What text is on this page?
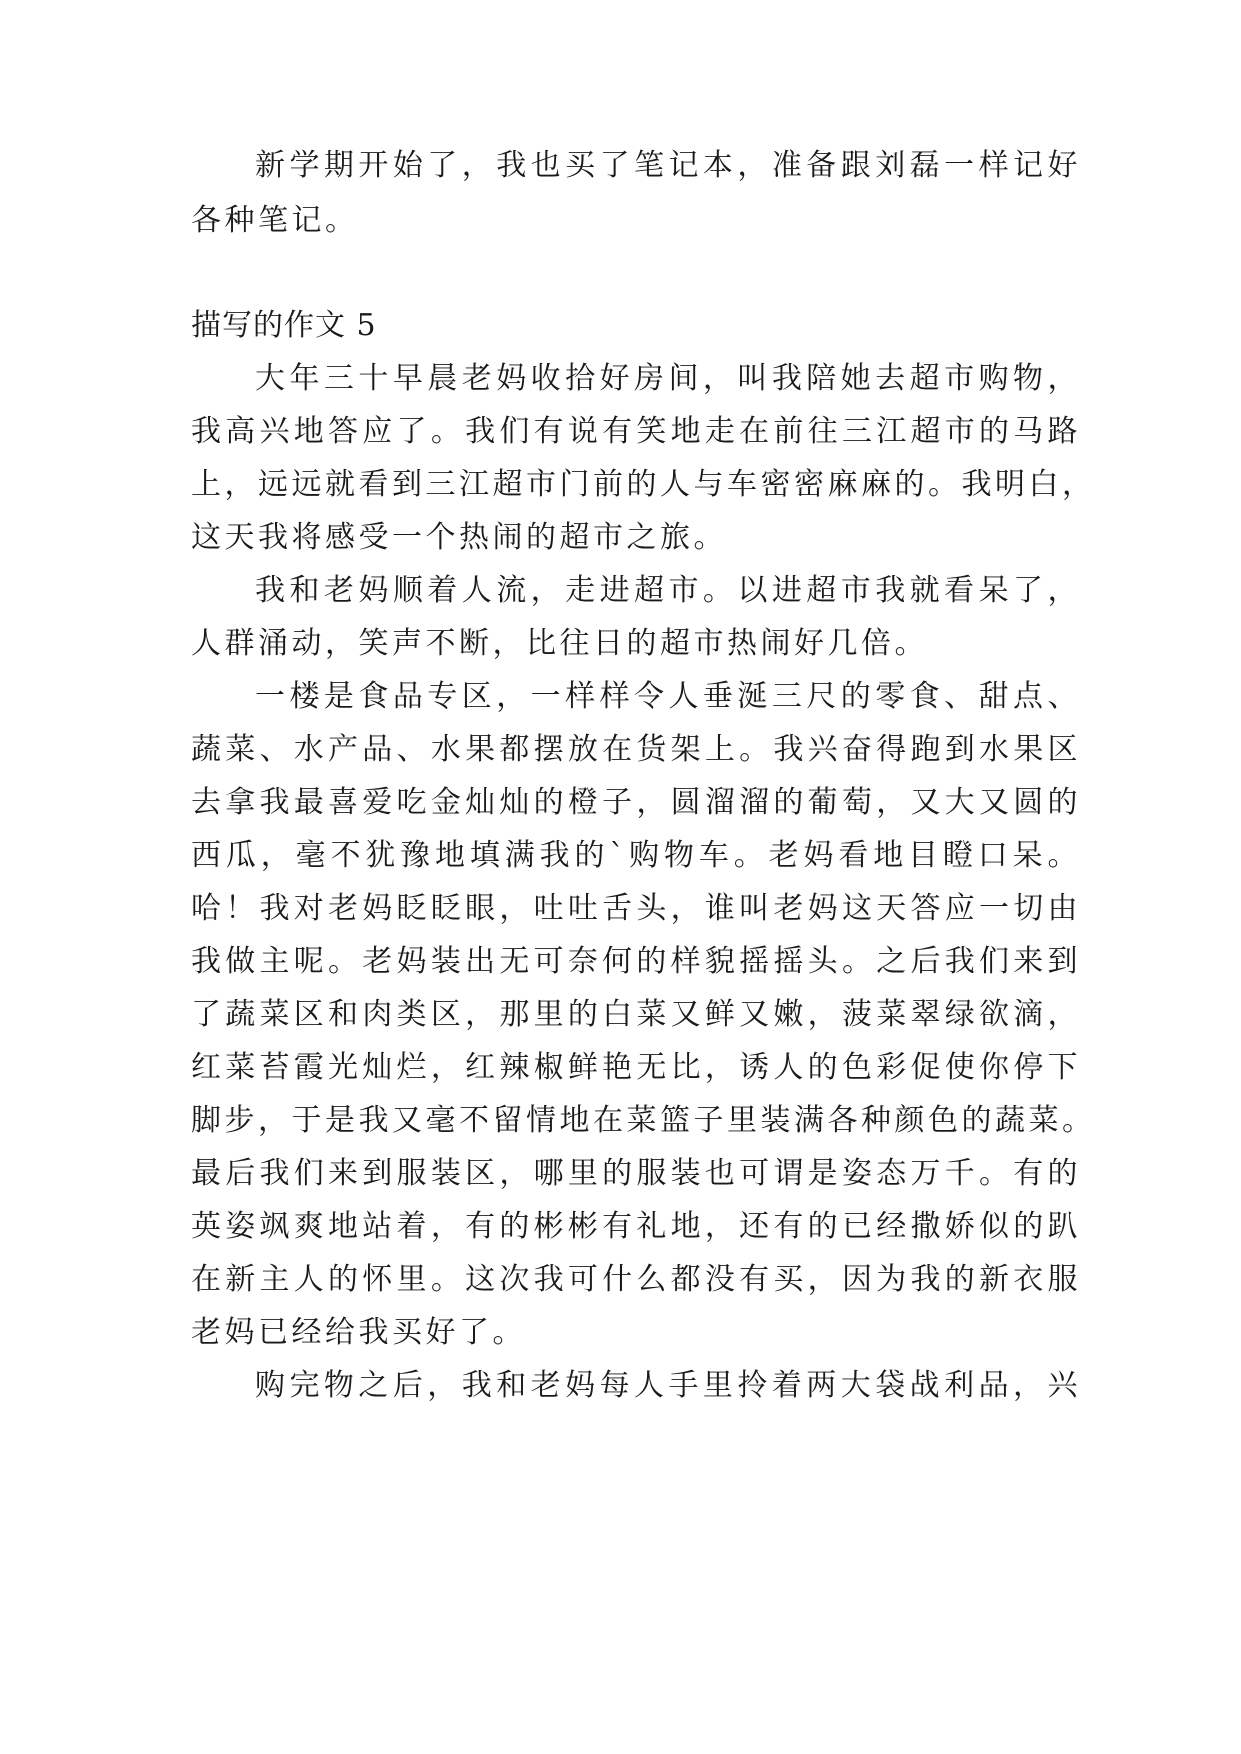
新学期开始了，我也买了笔记本，准备跟刘磊一样记好
各种笔记。
描写的作文 5
大年三十早晨老妈收拾好房间，叫我陪她去超市购物，
我高兴地答应了。我们有说有笑地走在前往三江超市的马路
上，远远就看到三江超市门前的人与车密密麻麻的。我明白，
这天我将感受一个热闹的超市之旅。
我和老妈顺着人流，走进超市。以进超市我就看呆了，
人群涌动，笑声不断，比往日的超市热闹好几倍。
一楼是食品专区，一样样令人垂涎三尺的零食、甜点、
蔬菜、水产品、水果都摆放在货架上。我兴奋得跑到水果区
去拿我最喜爱吃金灿灿的橙子，圆溜溜的葡萄，又大又圆的
西瓜，毫不犹豫地填满我的`购物车。老妈看地目瞪口呆。
哈！我对老妈眨眨眼，吐吐舌头，谁叫老妈这天答应一切由
我做主呢。老妈装出无可奈何的样貌摇摇头。之后我们来到
了蔬菜区和肉类区，那里的白菜又鲜又嫩，菠菜翠绿欲滴，
红菜苔霞光灿烂，红辣椒鲜艳无比，诱人的色彩促使你停下
脚步，于是我又毫不留情地在菜篮子里装满各种颜色的蔬菜。
最后我们来到服装区，哪里的服装也可谓是姿态万千。有的
英姿飒爽地站着，有的彬彬有礼地，还有的已经撒娇似的趴
在新主人的怀里。这次我可什么都没有买，因为我的新衣服
老妈已经给我买好了。
购完物之后，我和老妈每人手里拎着两大袋战利品，兴
